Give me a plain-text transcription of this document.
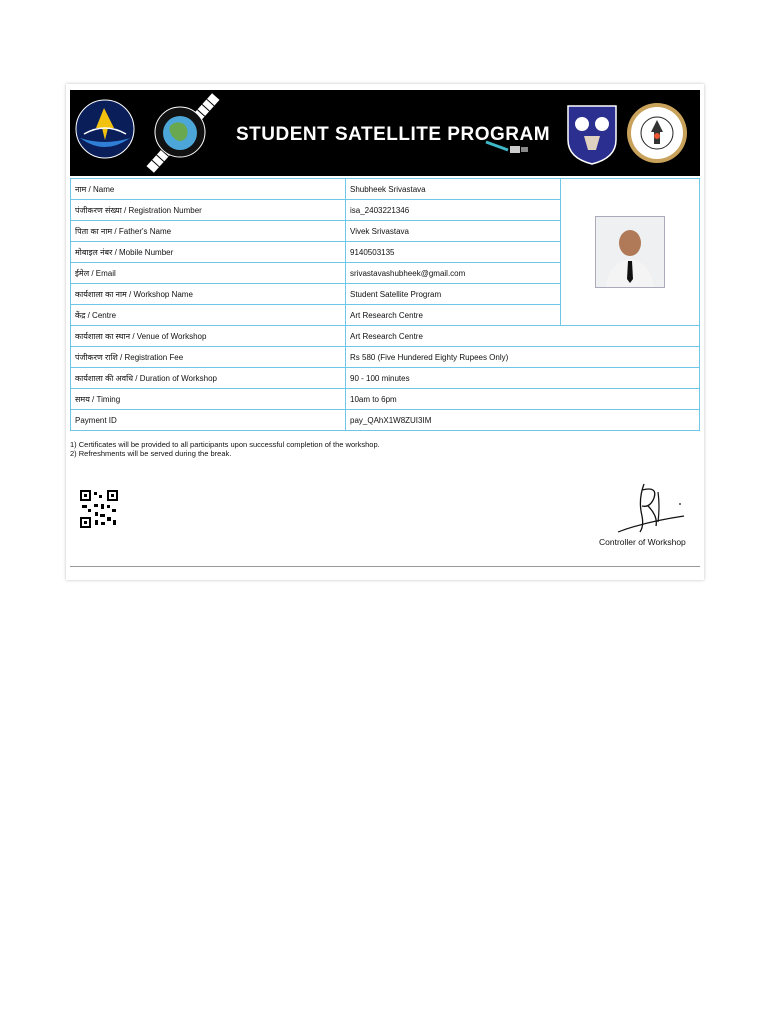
STUDENT SATELLITE PROGRAM
नाम / Name	Shubheek Srivastava	
पंजीकरण संख्या / Registration Number	isa_2403221346	
पिता का नाम / Father's Name	Vivek Srivastava	
मोबाइल नंबर / Mobile Number	9140503135	
ईमेल / Email	srivastavashubheek@gmail.com	
कार्यशाला का नाम / Workshop Name	Student Satellite Program	
केंद्र / Centre	Art Research Centre	
कार्यशाला का स्थान / Venue of Workshop	Art Research Centre	
पंजीकरण राशि / Registration Fee	Rs 580 (Five Hundered Eighty Rupees Only)	
कार्यशाला की अवधि / Duration of Workshop	90 - 100 minutes	
समय / Timing	10am to 6pm	
Payment ID	pay_QAhX1W8ZUI3IM	
1) Certificates will be provided to all participants upon successful completion of the workshop.
2) Refreshments will be served during the break.
Controller of Workshop
